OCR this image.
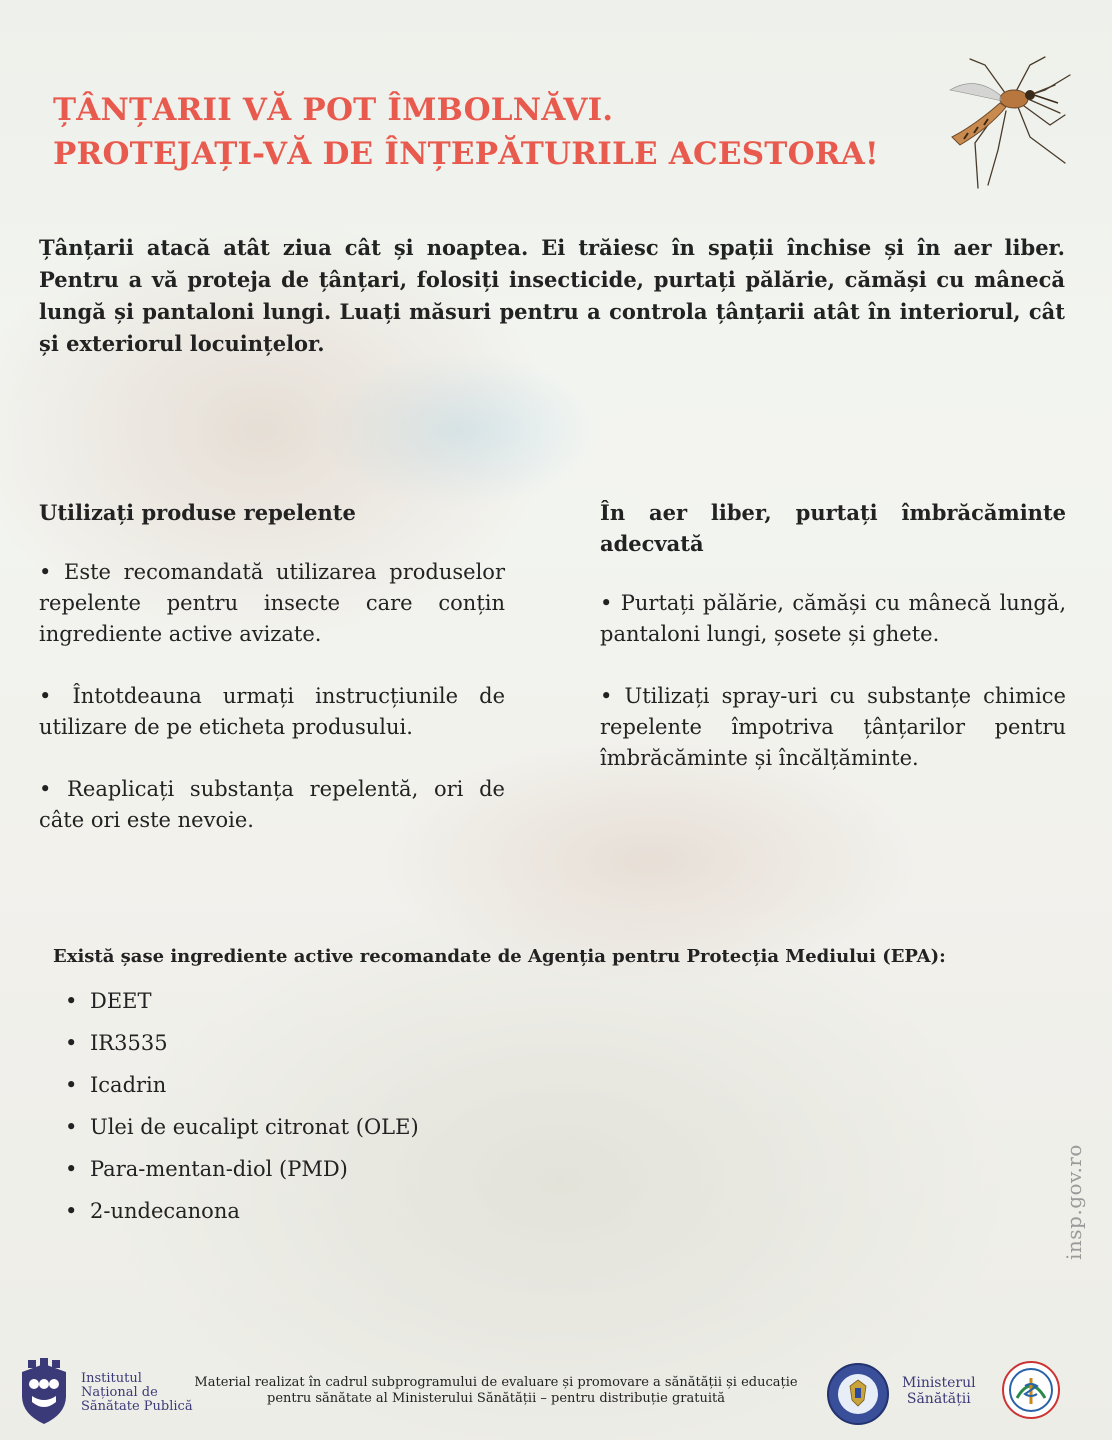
ȚÂNȚARII VĂ POT ÎMBOLNĂVI.
PROTEJAȚI-VĂ DE ÎNȚEPĂTURILE ACESTORA!

Țânțarii atacă atât ziua cât și noaptea. Ei trăiesc în spații închise și în aer liber. Pentru a vă proteja de țânțari, folosiți insecticide, purtați pălărie, cămăși cu mânecă lungă și pantaloni lungi. Luați măsuri pentru a controla țânțarii atât în interiorul, cât și exteriorul locuințelor.

Utilizați produse repelente

• Este recomandată utilizarea produselor repelente pentru insecte care conțin ingrediente active avizate.

• Întotdeauna urmați instrucțiunile de utilizare de pe eticheta produsului.

• Reaplicați substanța repelentă, ori de câte ori este nevoie.

În aer liber, purtați îmbrăcăminte adecvată

• Purtați pălărie, cămăși cu mânecă lungă, pantaloni lungi, șosete și ghete.

• Utilizați spray-uri cu substanțe chimice repelente împotriva țânțarilor pentru îmbrăcăminte și încălțăminte.

Există șase ingrediente active recomandate de Agenția pentru Protecția Mediului (EPA):

• DEET
• IR3535
• Icadrin
• Ulei de eucalipt citronat (OLE)
• Para-mentan-diol (PMD)
• 2-undecanona	insp.gov.ro
Institutul
Național de
Sănătate Publică
Material realizat în cadrul subprogramului de evaluare și promovare a sănătății și educație
pentru sănătate al Ministerului Sănătății – pentru distribuție gratuită
Ministerul
Sănătății
